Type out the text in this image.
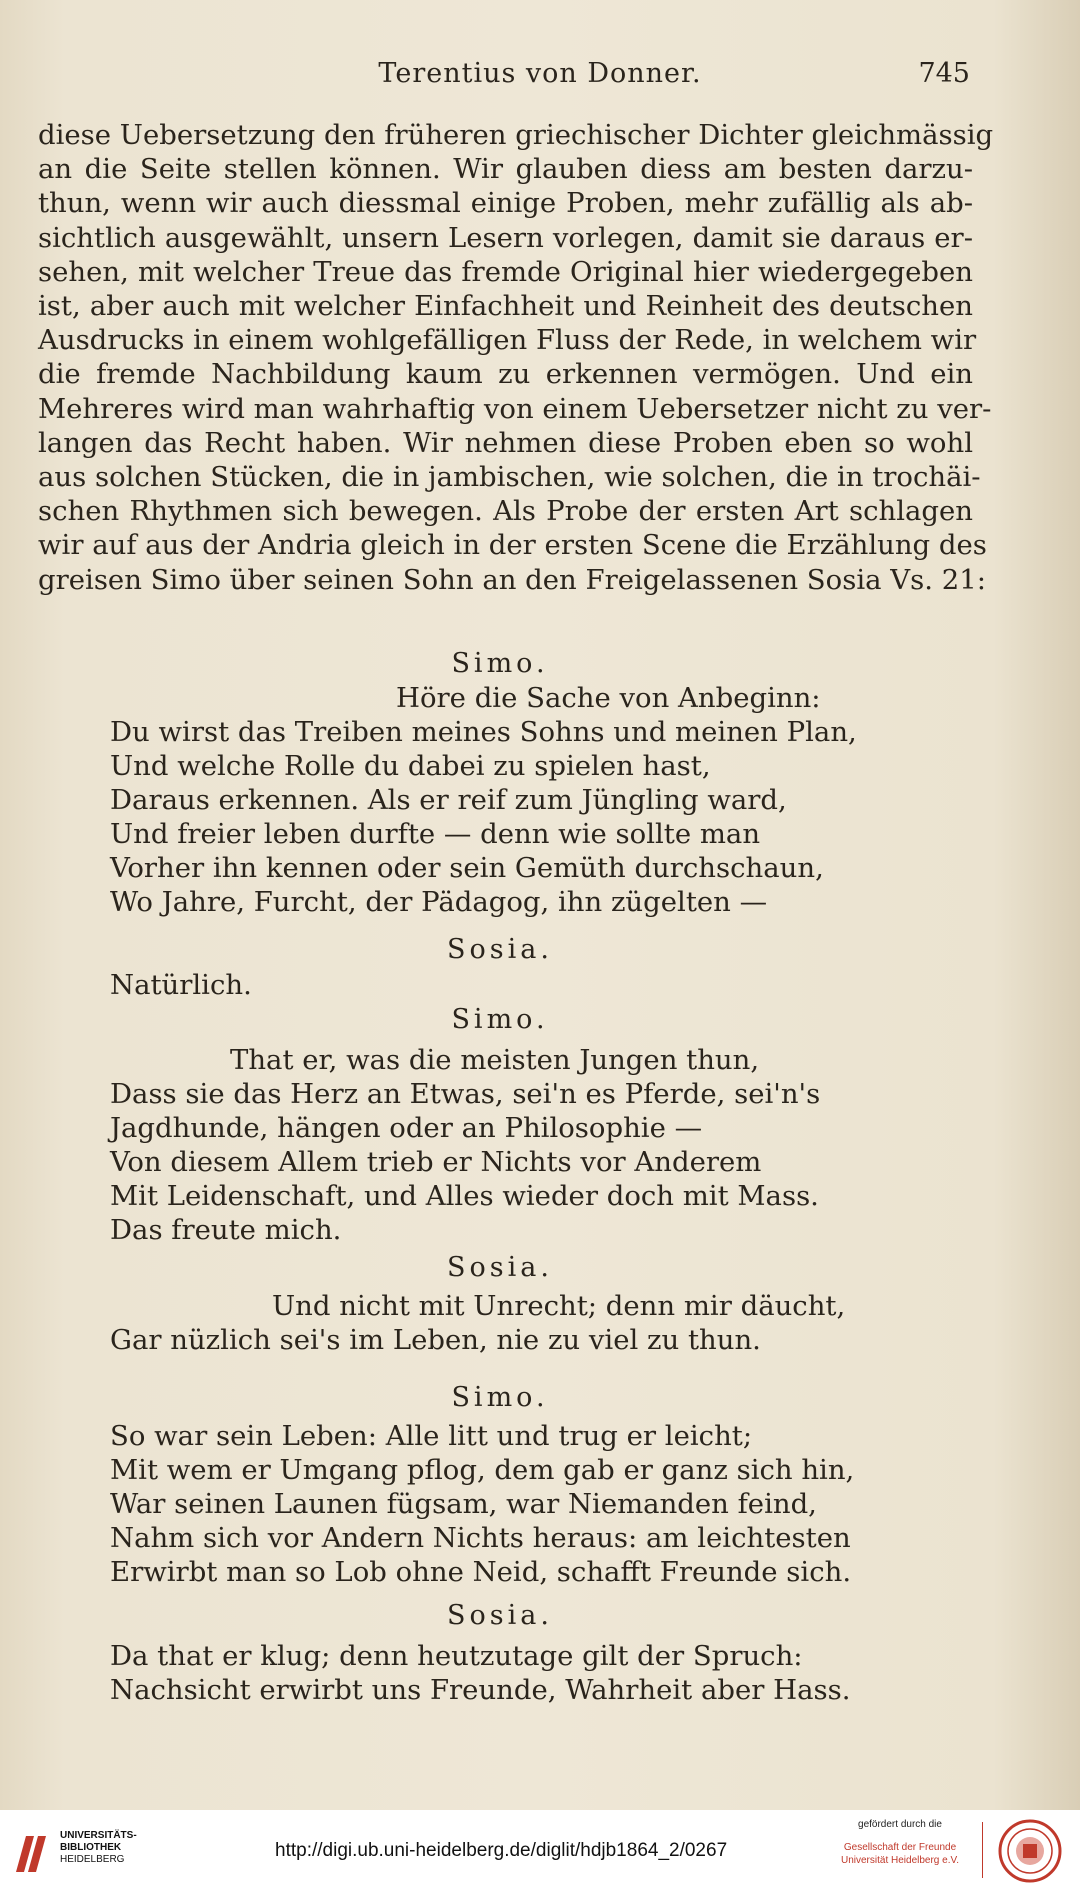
Terentius von Donner.	745
diese Uebersetzung den früheren griechischer Dichter gleichmässig
an die Seite stellen können. Wir glauben diess am besten darzu-
thun, wenn wir auch diessmal einige Proben, mehr zufällig als ab-
sichtlich ausgewählt, unsern Lesern vorlegen, damit sie daraus er-
sehen, mit welcher Treue das fremde Original hier wiedergegeben
ist, aber auch mit welcher Einfachheit und Reinheit des deutschen
Ausdrucks in einem wohlgefälligen Fluss der Rede, in welchem wir
die fremde Nachbildung kaum zu erkennen vermögen. Und ein
Mehreres wird man wahrhaftig von einem Uebersetzer nicht zu ver-
langen das Recht haben. Wir nehmen diese Proben eben so wohl
aus solchen Stücken, die in jambischen, wie solchen, die in trochäi-
schen Rhythmen sich bewegen. Als Probe der ersten Art schlagen
wir auf aus der Andria gleich in der ersten Scene die Erzählung des
greisen Simo über seinen Sohn an den Freigelassenen Sosia Vs. 21:
Simo.
Höre die Sache von Anbeginn:
Du wirst das Treiben meines Sohns und meinen Plan,
Und welche Rolle du dabei zu spielen hast,
Daraus erkennen. Als er reif zum Jüngling ward,
Und freier leben durfte — denn wie sollte man
Vorher ihn kennen oder sein Gemüth durchschaun,
Wo Jahre, Furcht, der Pädagog, ihn zügelten —
Sosia.
Natürlich.
Simo.
That er, was die meisten Jungen thun,
Dass sie das Herz an Etwas, sei'n es Pferde, sei'n's
Jagdhunde, hängen oder an Philosophie —
Von diesem Allem trieb er Nichts vor Anderem
Mit Leidenschaft, und Alles wieder doch mit Mass.
Das freute mich.
Sosia.
Und nicht mit Unrecht; denn mir däucht,
Gar nüzlich sei's im Leben, nie zu viel zu thun.
Simo.
So war sein Leben: Alle litt und trug er leicht;
Mit wem er Umgang pflog, dem gab er ganz sich hin,
War seinen Launen fügsam, war Niemanden feind,
Nahm sich vor Andern Nichts heraus: am leichtesten
Erwirbt man so Lob ohne Neid, schafft Freunde sich.
Sosia.
Da that er klug; denn heutzutage gilt der Spruch:
Nachsicht erwirbt uns Freunde, Wahrheit aber Hass.
UNIVERSITÄTS-
BIBLIOTHEK
HEIDELBERG	http://digi.ub.uni-heidelberg.de/diglit/hdjb1864_2/0267
gefördert durch die
Gesellschaft der Freunde
Universität Heidelberg e.V.
